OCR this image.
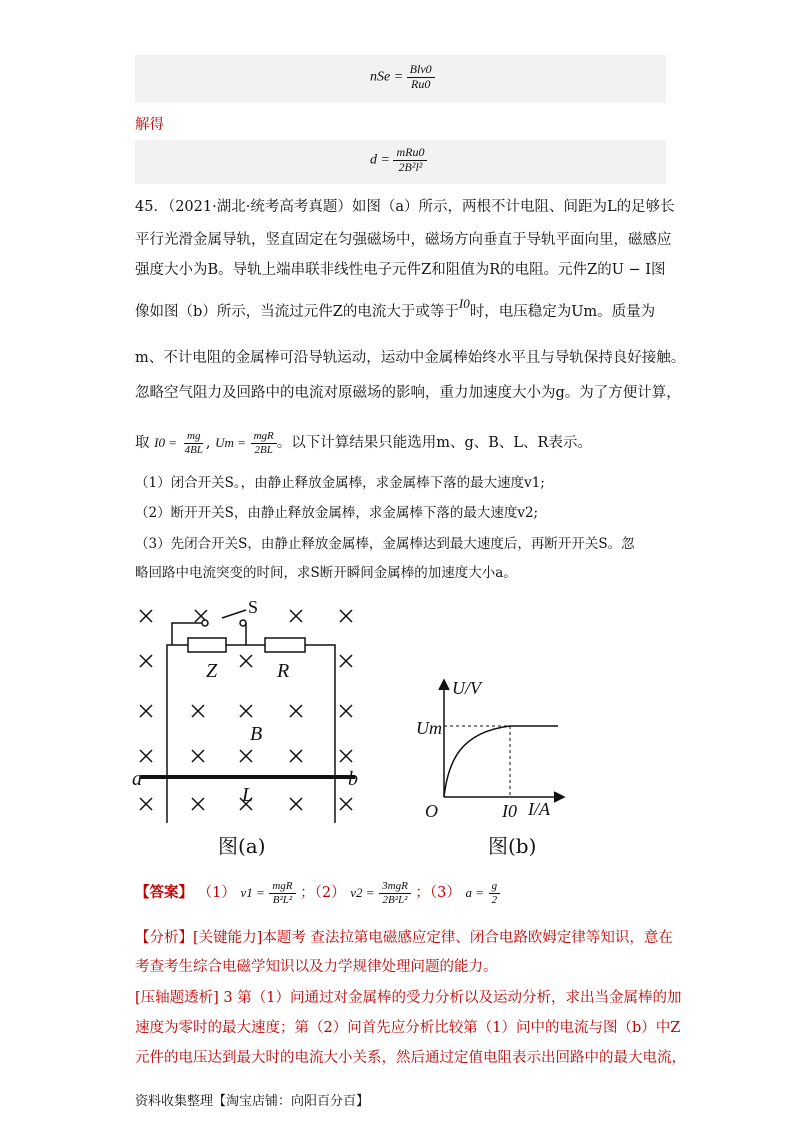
nSe = $\frac{\text{Blv0}}{Ru0}$
解得
$d = \frac{\text{mRu0}}{\text{2B²l²}}$
45．（2021·湖北·统考高考真题）如图（a）所示，两根不计电阻、间距为L的足够长
平行光滑金属导轨，竖直固定在匀强磁场中，磁场方向垂直于导轨平面向里，磁感应
强度大小为B。导轨上端串联非线性电子元件Z和阻值为R的电阻。元件Z的U − I图
像如图（b）所示，当流过元件Z的电流大于或等于I0时，电压稳定为Um。质量为
m、不计电阻的金属棒可沿导轨运动，运动中金属棒始终水平且与导轨保持良好接触。
忽略空气阻力及回路中的电流对原磁场的影响，重力加速度大小为g。为了方便计算，
取 $I0 = \frac{mg}{4BL}$ , $Um = \frac{\text{mgR}}{2BL}$ 。以下计算结果只能选用m、g、B、L、R表示。
（1）闭合开关S。，由静止释放金属棒，求金属棒下落的最大速度v1;
（2）断开开关S，由静止释放金属棒，求金属棒下落的最大速度v2;
（3）先闭合开关S，由静止释放金属棒，金属棒达到最大速度后，再断开开关S。忽
略回路中电流突变的时间，求S断开瞬间金属棒的加速度大小a。
S
Z	R
B
a	b
L
图(a)
U/V
I/A
O
Um
I0
图(b)
【答案】 （1） $v1 = \frac{\text{mgR}}{\text{B²L²}}$ ；（2） $v2 = \frac{\text{3mgR}}{\text{2B²L²}}$ ；（3） $a = \frac{g}{2}$
【分析】[关键能力]本题考 查法拉第电磁感应定律、闭合电路欧姆定律等知识，意在
考查考生综合电磁学知识以及力学规律处理问题的能力。
[压轴题透析] 3 第（1）问通过对金属棒的受力分析以及运动分析，求出当金属棒的加
速度为零时的最大速度；第（2）问首先应分析比较第（1）问中的电流与图（b）中Z
元件的电压达到最大时的电流大小关系，然后通过定值电阻表示出回路中的最大电流，
资料收集整理【淘宝店铺：向阳百分百】
